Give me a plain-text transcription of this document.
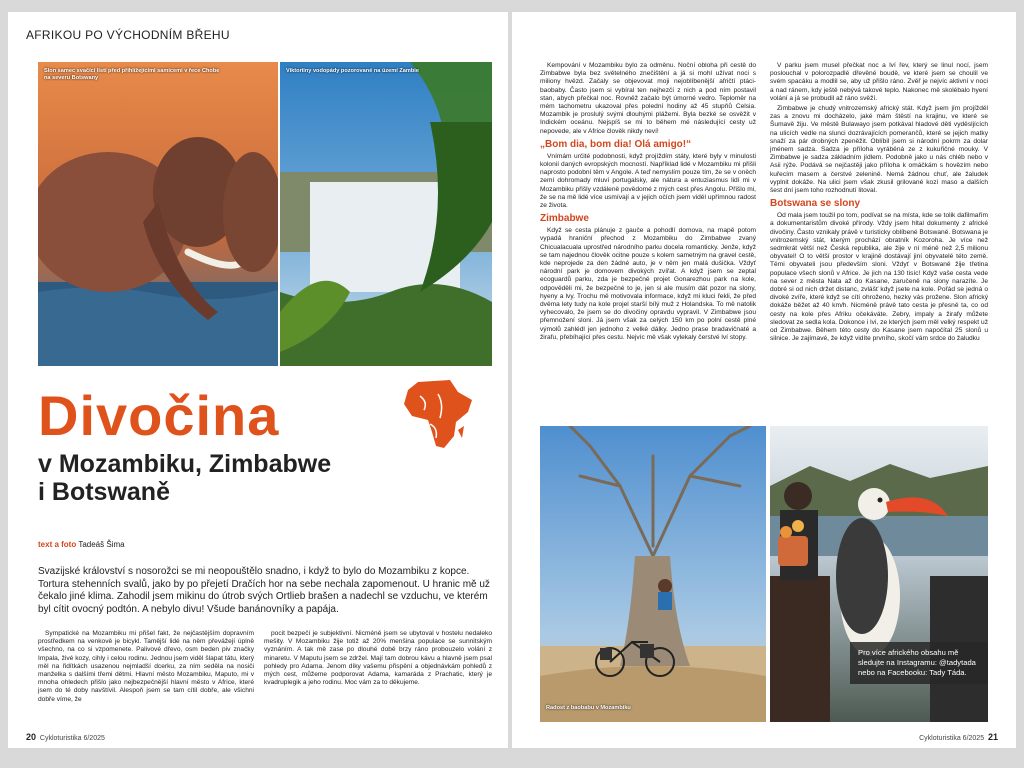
AFRIKOU PO VÝCHODNÍM BŘEHU
Slon samec svačící listí před přihlížejícími samicemi v řece Chobe na severu Botswany
Viktoriiny vodopády pozorované na území Zambie
Divočina
v Mozambiku, Zimbabwe
i Botswaně
text a foto Tadeáš Šima
Svazijské království s nosorožci se mi neopouštělo snadno, i když to bylo do Mozambiku z kopce. Tortura stehenních svalů, jako by po přejetí Dračích hor na sebe nechala zapomenout. U hranic mě už čekalo jiné klima. Zahodil jsem mikinu do útrob svých Ortlieb brašen a nadechl se vzduchu, ve kterém byl cítit ovocný podtón. A nebylo divu! Všude banánovníky a papája.

Sympatické na Mozambiku mi přišel fakt, že nejčastějším dopravním prostředkem na venkově je bicykl. Tamější lidé na něm převážejí úplně všechno, na co si vzpomenete. Palivové dřevo, osm beden piv značky Impala, živé kozy, cihly i celou rodinu. Jednou jsem viděl šlapat tátu, který měl na řidítkách usazenou nejmladší dcerku, za ním seděla na nosiči manželka s dalšími třemi dětmi. Hlavní město Mozambiku, Maputo, mi v mnoha ohledech přišlo jako nejbezpečnější hlavní město v Africe, které jsem do té doby navštívil. Alespoň jsem se tam cítil dobře, ale všichni dobře víme, že

pocit bezpečí je subjektivní. Nicméně jsem se ubytoval v hostelu nedaleko mešity. V Mozambiku žije totiž až 20% menšina populace se sunnitským vyznáním. A tak mě zase po dlouhé době brzy ráno probouzelo volání z minaretu. V Maputu jsem se zdržel. Mají tam dobrou kávu a hlavně jsem psal pohledy pro Adama. Jenom díky vašemu přispění a objednávkám pohledů z mých cest, můžeme podporovat Adama, kamaráda z Prachatic, který je kvadruplegik a jeho rodinu. Moc vám za to děkujeme.

20 Cykloturistika 6/2025

Kempování v Mozambiku bylo za odměnu. Noční obloha při cestě do Zimbabwe byla bez světelného znečištění a já si mohl užívat noci s miliony hvězd. Začaly se objevovat moji nejoblíbenější afričtí ptáci-baobaby. Často jsem si vybíral ten nejhezčí z nich a pod ním postavil stan, abych přečkal noc. Rovněž začalo být úmorné vedro. Teploměr na mém tachometru ukazoval přes polední hodiny až 45 stupňů Celsia. Mozambik je proslulý svými dlouhými plážemi. Byla bezké se osvěžit v Indickém oceánu. Nejspíš se mi to během mé následující cesty už nepovede, ale v Africe člověk nikdy neví!

„Bom dia, bom dia! Olá amigo!“

Vnímám určité podobnosti, když projíždím státy, které byly v minulosti kolonií daných evropských mocností. Například lidé v Mozambiku mi přišli naprosto podobní těm v Angole. A teď nemyslím pouze tím, že se v oněch zemí dohromady mluví portugalsky, ale nátura a entuziasmus lidí mi v Mozambiku přišly vzdáleně povědomé z mých cest přes Angolu. Přišlo mi, že se na mě lidé více usmívají a v jejich očích jsem viděl upřímnou radost ze života.

Zimbabwe

Když se cesta plánuje z gauče a pohodlí domova, na mapě potom vypadá hraniční přechod z Mozambiku do Zimbabwe zvaný Chicualacuala uprostřed národního parku docela romanticky. Jenže, když se tam najednou člověk ocitne pouze s kolem sametným na gravel cestě, kde neprojede za den žádné auto, je v něm jen malá dušička. Vždyť národní park je domovem divokých zvířat. A když jsem se zeptal ecoguardů parku, zda je bezpečné projet Gonarezhou park na kole, odpověděli mi, že bezpečné to je, jen si ale musím dát pozor na slony, hyeny a lvy. Trochu mě motivovala informace, když mi kluci řekli, že před dvěma lety tudy na kole projel starší bílý muž z Holandska. To mě natolik vyhecovalo, že jsem se do divočiny opravdu vypravil. V Zimbabwe jsou přemnožení sloni. Já jsem však za celých 150 km po polní cestě plné výmolů zahlédl jen jednoho z velké dálky. Jedno prase bradavičnaté a žirafu, přebíhající přes cestu. Nejvíc mě však vylekaly čerstvé lví stopy.

V parku jsem musel přečkat noc a lví řev, který se linul nocí, jsem poslouchal v polorozpadlé dřevěné boudě, ve které jsem se choulil ve svém spacáku a modlil se, aby už přišlo ráno. Zvěř je nejvíc aktivní v noci a nad ránem, kdy ještě nebývá takové teplo. Nakonec mě skolébalo hyení volání a já se probudil až ráno svěží.

Zimbabwe je chudý vnitrozemský africký stát. Když jsem jím projížděl zas a znovu mi docházelo, jaké mám štěstí na krajinu, ve které se Šumavě žiju. Ve městě Bulawayo jsem potkával hladové děti vyděsljících na ulicích vedle na slunci dozrávajících pomerančů, které se jejich matky snaží za pár drobných zpeněžit. Oblíbil jsem si národní pokrm za dolar jménem sadza. Sadza je příloha vyráběná ze z kukuřičné mouky. V Zimbabwe je sadza základním jídlem. Podobně jako u nás chléb nebo v Asii rýže. Podává se nejčastěji jako příloha k omáčkám s hovězím nebo kuřecím masem a čerstvé zelenině. Nemá žádnou chuť, ale žaludek vyplnit dokáže. Na ulici jsem však zkusil grilované kozí maso a dalších šest dní jsem toho rozhodnutí litoval.

Botswana se slony

Od mala jsem toužil po tom, podívat se na místa, kde se tolik dafilmařím a dokumentaristům divoké přírody. Vždy jsem hltal dokumenty z africké divočiny. Často vznikaly právě v turisticky oblíbené Botswaně. Botswana je vnitrozemský stát, kterým prochází obratník Kozoroha. Je více než sedmkrát větší než Česká republika, ale žije v ní méně než 2,5 milionu obyvatel! O to větší prostor v krajině dostávají jiní obyvatelé této země. Těmi obyvateli jsou především sloni. Vždyť v Botswaně žije třetina populace všech slonů v Africe. Je jich na 130 tisíc! Když vaše cesta vede na sever z města Nata až do Kasane, zaručeně na slony narazíte. Je dobré si od nich držet distanc, zvlášť když jsete na kole. Pořád se jedná o divoké zvíře, které když se cítí ohroženo, hezky vás proženе. Slon africký dokáže běžet až 40 km/h. Nicméně právě tato cesta je přesně ta, co od cesty na kole přes Afriku očekáváte. Zebry, impaly a žirafy můžete sledovat ze sedla kola. Dokonce i lvi, ze kterých jsem měl velký respekt už od Zimbabwe. Během této cesty do Kasane jsem napočítal 25 slonů u silnice. Je zajímavé, že když vidíte prvního, skočí vám srdce do žaludku

Radost z baobabu v Mozambiku
Pro více afrického obsahu mě sledujte na Instagramu: @tadytada nebo na Facebooku: Tady Táda.
Cykloturistika 6/2025 21
